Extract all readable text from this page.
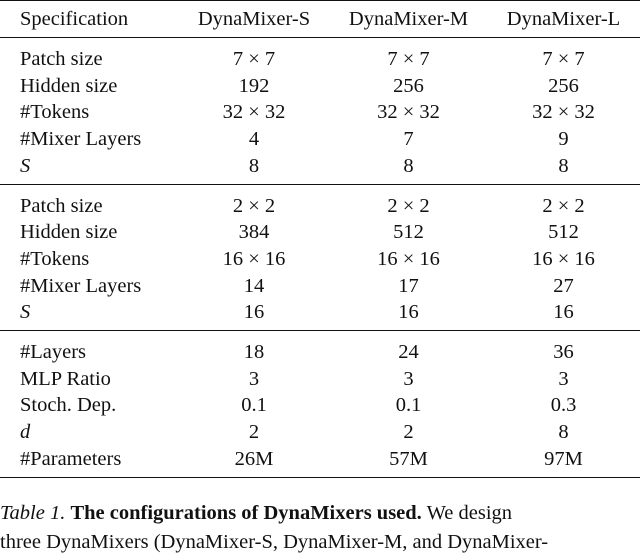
Specification	DynaMixer-S	DynaMixer-M	DynaMixer-L
Patch size	7 × 7	7 × 7	7 × 7
Hidden size	192	256	256
#Tokens	32 × 32	32 × 32	32 × 32
#Mixer Layers	4	7	9
S	8	8	8
Patch size	2 × 2	2 × 2	2 × 2
Hidden size	384	512	512
#Tokens	16 × 16	16 × 16	16 × 16
#Mixer Layers	14	17	27
S	16	16	16
#Layers	18	24	36
MLP Ratio	3	3	3
Stoch. Dep.	0.1	0.1	0.3
d	2	2	8
#Parameters	26M	57M	97M
Table 1. The configurations of DynaMixers used. We design
three DynaMixers (DynaMixer-S, DynaMixer-M, and DynaMixer-
